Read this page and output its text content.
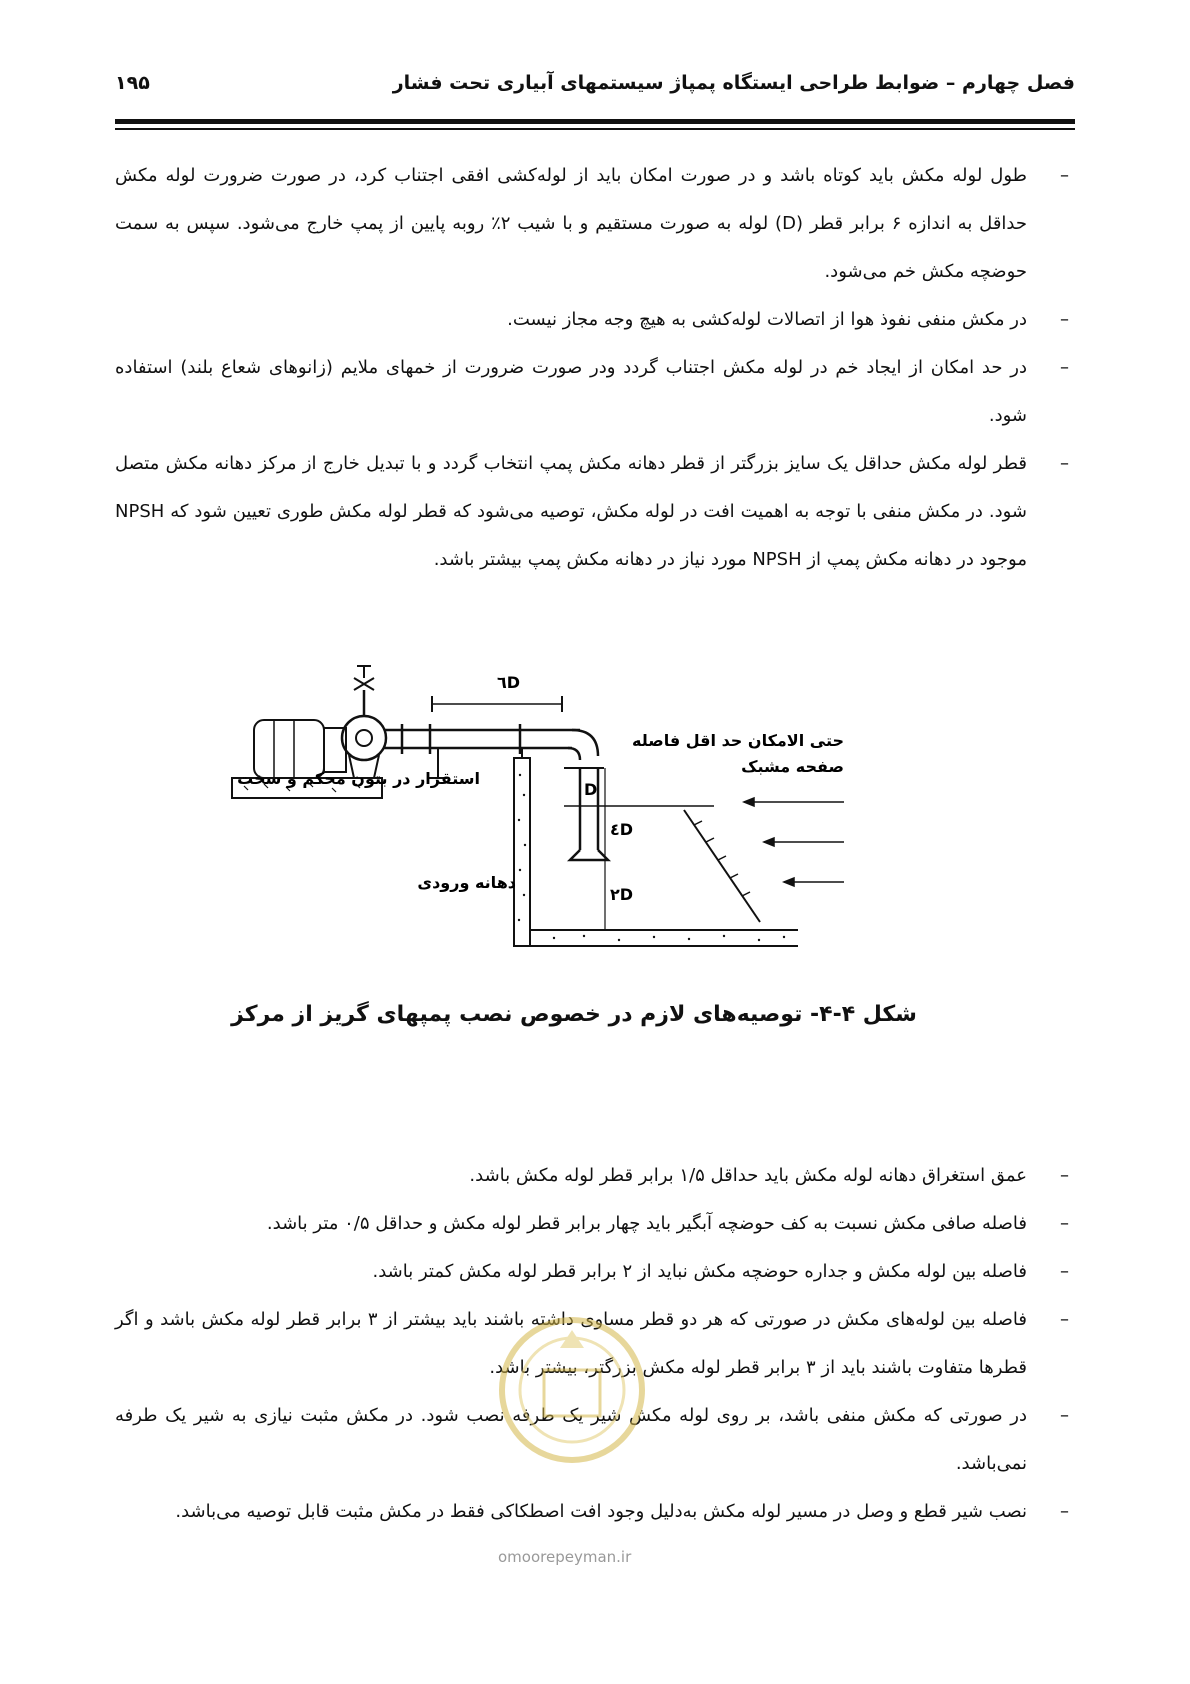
فصل چهارم – ضوابط طراحی ایستگاه پمپاژ سیستمهای آبیاری تحت فشار
۱۹۵
– طول لوله مکش باید کوتاه باشد و در صورت امکان باید از لوله‌کشی افقی اجتناب کرد، در صورت ضرورت لوله مکش حداقل به اندازه ۶ برابر قطر (D) لوله به صورت مستقیم و با شیب ۲٪ روبه پایین از پمپ خارج می‌شود. سپس به سمت حوضچه مکش خم می‌شود.
– در مکش منفی نفوذ هوا از اتصالات لوله‌کشی به هیچ وجه مجاز نیست.
– در حد امکان از ایجاد خم در لوله مکش اجتناب گردد ودر صورت ضرورت از خمهای ملایم (زانوهای شعاع بلند) استفاده شود.
– قطر لوله مکش حداقل یک سایز بزرگتر از قطر دهانه مکش پمپ انتخاب گردد و با تبدیل خارج از مرکز دهانه مکش متصل شود. در مکش منفی با توجه به اهمیت افت در لوله مکش، توصیه می‌شود که قطر لوله مکش طوری تعیین شود که NPSH موجود در دهانه مکش پمپ از NPSH مورد نیاز در دهانه مکش پمپ بیشتر باشد.
٦D
D
٤D
٢D
استقرار در بتون محکم و سخت
حتی الامکان حد اقل فاصله
صفحه مشبک
دهانه ورودی
شکل ۴-۴- توصیه‌های لازم در خصوص نصب پمپهای گریز از مرکز
– عمق استغراق دهانه لوله مکش باید حداقل ۱/۵ برابر قطر لوله مکش باشد.
– فاصله صافی مکش نسبت به کف حوضچه آبگیر باید چهار برابر قطر لوله مکش و حداقل ۰/۵ متر باشد.
– فاصله بین لوله مکش و جداره حوضچه مکش نباید از ۲ برابر قطر لوله مکش کمتر باشد.
– فاصله بین لوله‌های مکش در صورتی که هر دو قطر مساوی داشته باشند باید بیشتر از ۳ برابر قطر لوله مکش باشد و اگر قطرها متفاوت باشند باید از ۳ برابر قطر لوله مکش بزرگتر، بیشتر باشد.
– در صورتی که مکش منفی باشد، بر روی لوله مکش شیر یک طرفه نصب شود. در مکش مثبت نیازی به شیر یک طرفه نمی‌باشد.
– نصب شیر قطع و وصل در مسیر لوله مکش به‌دلیل وجود افت اصطکاکی فقط در مکش مثبت قابل توصیه می‌باشد.
omoorepeyman.ir
